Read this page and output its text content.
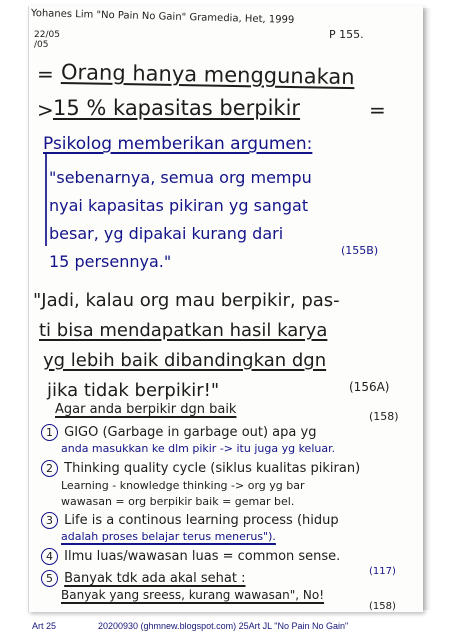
Yohanes Lim "No Pain No Gain" Gramedia, Het, 1999
P 155.
22/05
/05
= Orang hanya menggunakan
> 15 % kapasitas berpikir	=
Psikolog memberikan argumen:
"sebenarnya, semua org mempu
nyai kapasitas pikiran yg sangat
besar, yg dipakai kurang dari
15 persennya."
(155B)
"Jadi, kalau org mau berpikir, pas-
ti bisa mendapatkan hasil karya
yg lebih baik dibandingkan dgn
jika tidak berpikir!"	(156A)
Agar anda berpikir dgn baik	(158)
1 GIGO (Garbage in garbage out) apa yg
anda masukkan ke dlm pikir -> itu juga yg keluar.
2 Thinking quality cycle (siklus kualitas pikiran)
Learning - knowledge thinking -> org yg bar
wawasan = org berpikir baik = gemar bel.
3 Life is a continous learning process (hidup
adalah proses belajar terus menerus").
4 Ilmu luas/wawasan luas = common sense.
(117)
5 Banyak tdk ada akal sehat :
Banyak yang sreess, kurang wawasan", No!
(158)
Art 25	20200930 (ghmnew.blogspot.com) 25Art JL "No Pain No Gain"
